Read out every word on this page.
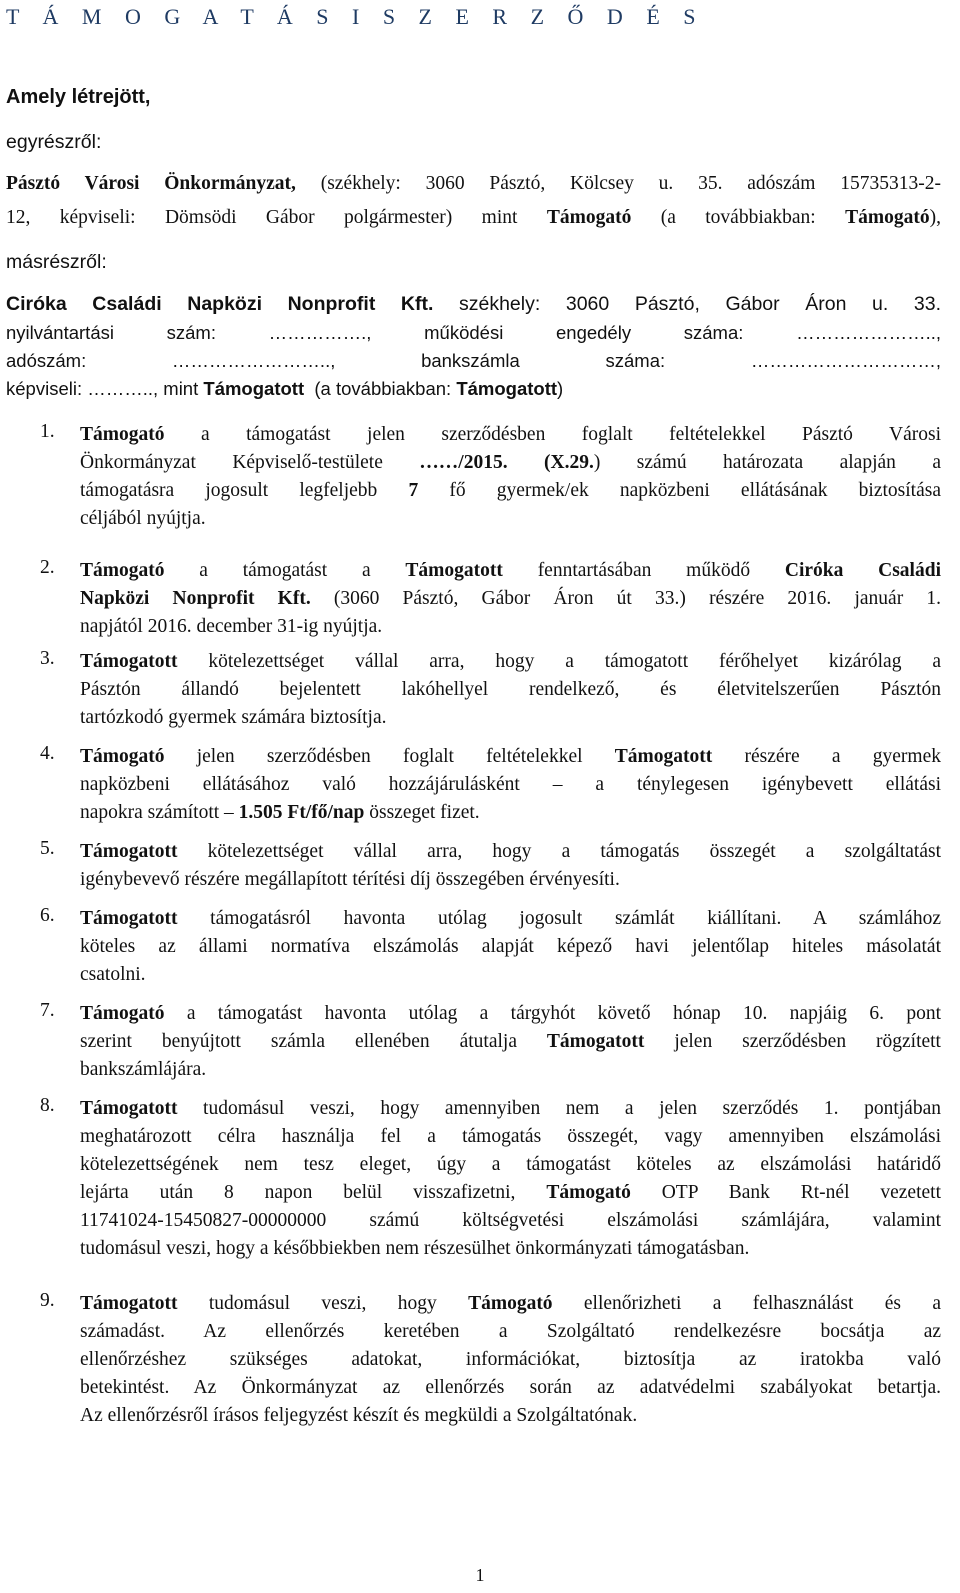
T Á M O G A T Á S I S Z E R Z Ő D É S
Amely létrejött,
egyrészről:
Pásztó Városi Önkormányzat, (székhely: 3060 Pásztó, Kölcsey u. 35. adószám 15735313-2-
12, képviseli: Dömsödi Gábor polgármester) mint Támogató (a továbbiakban: Támogató),
másrészről:
Ciróka Családi Napközi Nonprofit Kft. székhely: 3060 Pásztó, Gábor Áron u. 33.
nyilvántartási szám: ……………., működési engedély száma: …………………..,
adószám: …………………….., bankszámla száma: …………………………,
képviseli: ……….., mint Támogatott (a továbbiakban: Támogatott)
1. Támogató a támogatást jelen szerződésben foglalt feltételekkel Pásztó Városi
Önkormányzat Képviselő-testülete ……/2015. (X.29.) számú határozata alapján a
támogatásra jogosult legfeljebb 7 fő gyermek/ek napközbeni ellátásának biztosítása
céljából nyújtja.
2. Támogató a támogatást a Támogatott fenntartásában működő Ciróka Családi
Napközi Nonprofit Kft. (3060 Pásztó, Gábor Áron út 33.) részére 2016. január 1.
napjától 2016. december 31-ig nyújtja.
3. Támogatott kötelezettséget vállal arra, hogy a támogatott férőhelyet kizárólag a
Pásztón állandó bejelentett lakóhellyel rendelkező, és életvitelszerűen Pásztón
tartózkodó gyermek számára biztosítja.
4. Támogató jelen szerződésben foglalt feltételekkel Támogatott részére a gyermek
napközbeni ellátásához való hozzájárulásként – a ténylegesen igénybevett ellátási
napokra számított – 1.505 Ft/fő/nap összeget fizet.
5. Támogatott kötelezettséget vállal arra, hogy a támogatás összegét a szolgáltatást
igénybevevő részére megállapított térítési díj összegében érvényesíti.
6. Támogatott támogatásról havonta utólag jogosult számlát kiállítani. A számlához
köteles az állami normatíva elszámolás alapját képező havi jelentőlap hiteles másolatát
csatolni.
7. Támogató a támogatást havonta utólag a tárgyhót követő hónap 10. napjáig 6. pont
szerint benyújtott számla ellenében átutalja Támogatott jelen szerződésben rögzített
bankszámlájára.
8. Támogatott tudomásul veszi, hogy amennyiben nem a jelen szerződés 1. pontjában
meghatározott célra használja fel a támogatás összegét, vagy amennyiben elszámolási
kötelezettségének nem tesz eleget, úgy a támogatást köteles az elszámolási határidő
lejárta után 8 napon belül visszafizetni, Támogató OTP Bank Rt-nél vezetett
11741024-15450827-00000000 számú költségvetési elszámolási számlájára, valamint
tudomásul veszi, hogy a későbbiekben nem részesülhet önkormányzati támogatásban.
9. Támogatott tudomásul veszi, hogy Támogató ellenőrizheti a felhasználást és a
számadást. Az ellenőrzés keretében a Szolgáltató rendelkezésre bocsátja az
ellenőrzéshez szükséges adatokat, információkat, biztosítja az iratokba való
betekintést. Az Önkormányzat az ellenőrzés során az adatvédelmi szabályokat betartja.
Az ellenőrzésről írásos feljegyzést készít és megküldi a Szolgáltatónak.
1
